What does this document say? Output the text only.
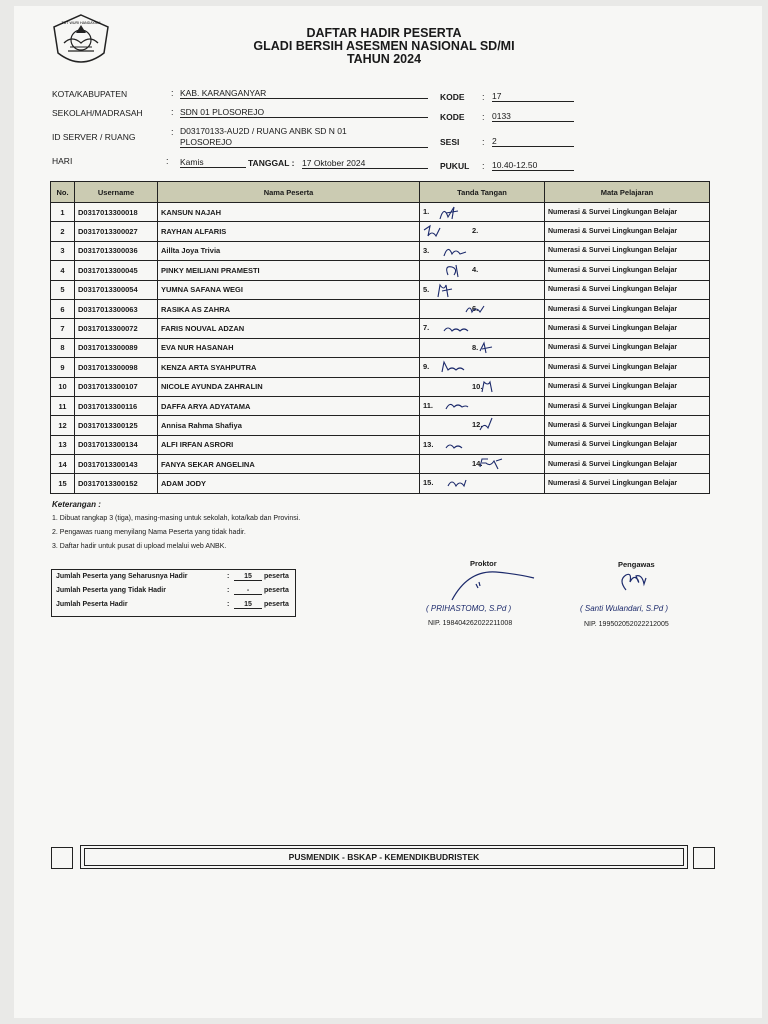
TUT WURI HANDAYANI
DAFTAR HADIR PESERTA
GLADI BERSIH ASESMEN NASIONAL SD/MI
TAHUN 2024
KOTA/KABUPATEN	: KAB. KARANGANYAR
SEKOLAH/MADRASAH	: SDN 01 PLOSOREJO
ID SERVER / RUANG	: D03170133-AU2D / RUANG ANBK SD N 01
PLOSOREJO
HARI	: Kamis	TANGGAL : 17 Oktober 2024
KODE : 17
KODE : 0133
SESI	: 2
PUKUL : 10.40-12.50
No.	Username	Nama Peserta	Tanda Tangan	Mata Pelajaran
1	D0317013300018	KANSUN NAJAH	1.	Numerasi & Survei Lingkungan Belajar
2	D0317013300027	RAYHAN ALFARIS	2.	Numerasi & Survei Lingkungan Belajar
3	D0317013300036	Aillta Joya Trivia	3.	Numerasi & Survei Lingkungan Belajar
4	D0317013300045	PINKY MEILIANI PRAMESTI	4.	Numerasi & Survei Lingkungan Belajar
5	D0317013300054	YUMNA SAFANA WEGI	5.	Numerasi & Survei Lingkungan Belajar
6	D0317013300063	RASIKA AS ZAHRA	6.	Numerasi & Survei Lingkungan Belajar
7	D0317013300072	FARIS NOUVAL ADZAN	7.	Numerasi & Survei Lingkungan Belajar
8	D0317013300089	EVA NUR HASANAH	8.	Numerasi & Survei Lingkungan Belajar
9	D0317013300098	KENZA ARTA SYAHPUTRA	9.	Numerasi & Survei Lingkungan Belajar
10	D0317013300107	NICOLE AYUNDA ZAHRALIN	10.	Numerasi & Survei Lingkungan Belajar
11	D0317013300116	DAFFA ARYA ADYATAMA	11.	Numerasi & Survei Lingkungan Belajar
12	D0317013300125	Annisa Rahma Shafiya	12.	Numerasi & Survei Lingkungan Belajar
13	D0317013300134	ALFI IRFAN ASRORI	13.	Numerasi & Survei Lingkungan Belajar
14	D0317013300143	FANYA SEKAR ANGELINA	14.	Numerasi & Survei Lingkungan Belajar
15	D0317013300152	ADAM JODY	15.	Numerasi & Survei Lingkungan Belajar
Keterangan :
1. Dibuat rangkap 3 (tiga), masing-masing untuk sekolah, kota/kab dan Provinsi.
2. Pengawas ruang menyilang Nama Peserta yang tidak hadir.
3. Daftar hadir untuk pusat di upload melalui web ANBK.
Jumlah Peserta yang Seharusnya Hadir	:	15	peserta
Jumlah Peserta yang Tidak Hadir	:	-	peserta
Jumlah Peserta Hadir	:	15	peserta
Proktor
( PRIHASTOMO, S.Pd )
NIP. 198404262022211008
Pengawas
( Santi Wulandari, S.Pd )
NIP. 199502052022212005
PUSMENDIK - BSKAP - KEMENDIKBUDRISTEK
